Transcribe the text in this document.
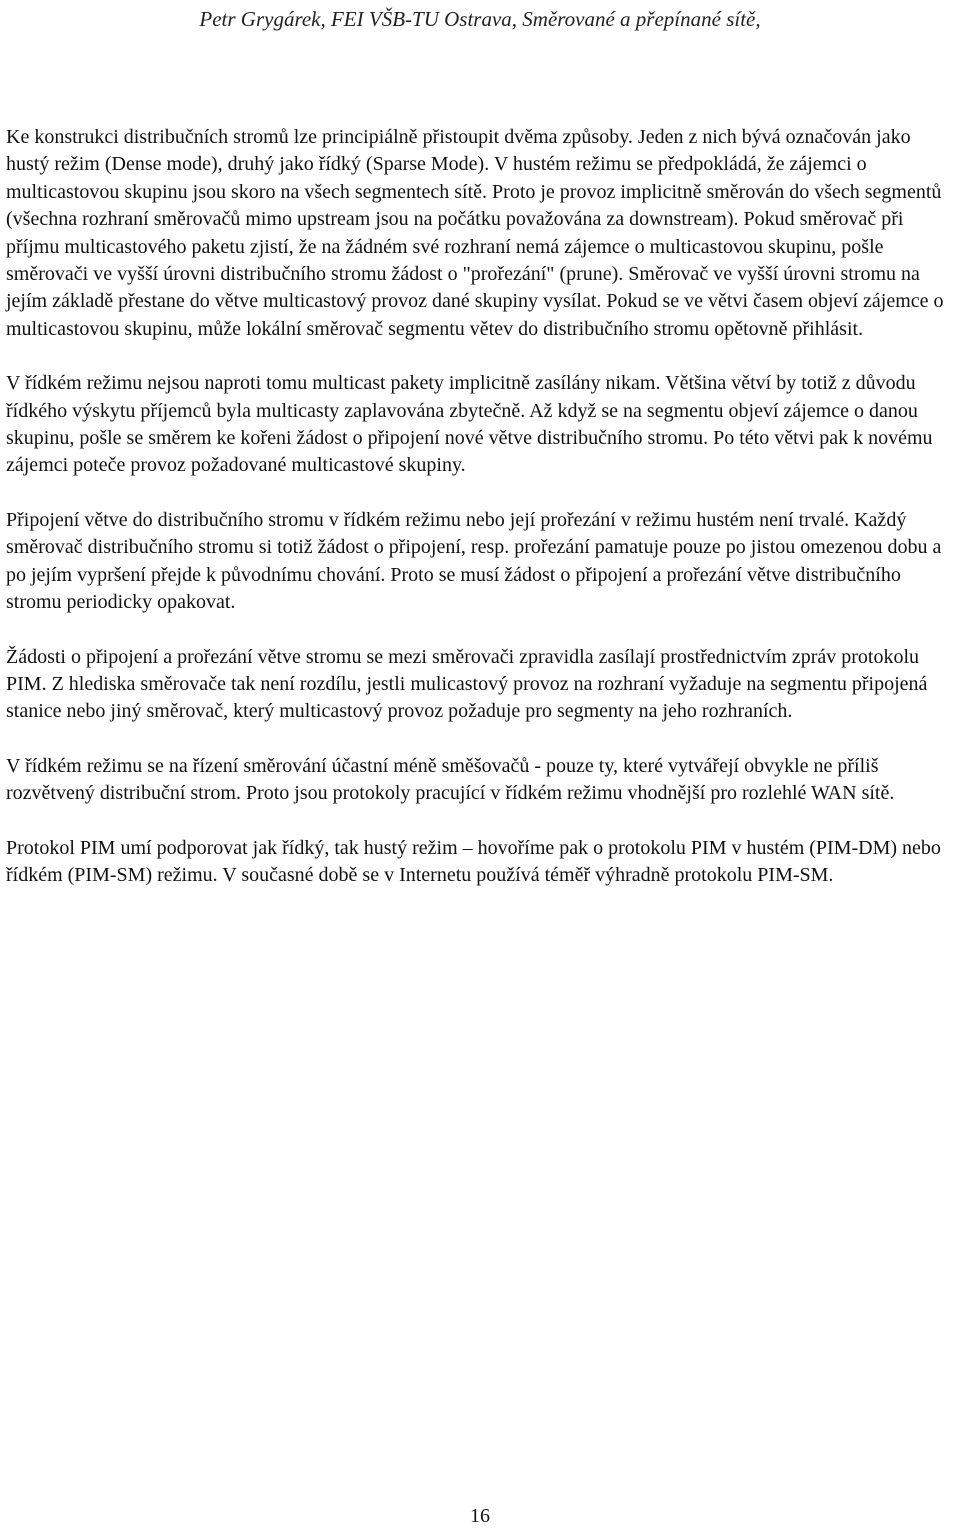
Petr Grygárek, FEI VŠB-TU Ostrava, Směrované a přepínané sítě,

Ke konstrukci distribučních stromů lze principiálně přistoupit dvěma způsoby. Jeden z nich bývá označován jako hustý režim (Dense mode), druhý jako řídký (Sparse Mode). V hustém režimu se předpokládá, že zájemci o multicastovou skupinu jsou skoro na všech segmentech sítě. Proto je provoz implicitně směrován do všech segmentů (všechna rozhraní směrovačů mimo upstream jsou na počátku považována za downstream). Pokud směrovač při příjmu multicastového paketu zjistí, že na žádném své rozhraní nemá zájemce o multicastovou skupinu, pošle směrovači ve vyšší úrovni distribučního stromu žádost o "prořezání" (prune). Směrovač ve vyšší úrovni stromu na jejím základě přestane do větve multicastový provoz dané skupiny vysílat. Pokud se ve větvi časem objeví zájemce o multicastovou skupinu, může lokální směrovač segmentu větev do distribučního stromu opětovně přihlásit.

V řídkém režimu nejsou naproti tomu multicast pakety implicitně zasílány nikam. Většina větví by totiž z důvodu řídkého výskytu příjemců byla multicasty zaplavována zbytečně. Až když se na segmentu objeví zájemce o danou skupinu, pošle se směrem ke kořeni žádost o připojení nové větve distribučního stromu. Po této větvi pak k novému zájemci poteče provoz požadované multicastové skupiny.

Připojení větve do distribučního stromu v řídkém režimu nebo její prořezání v režimu hustém není trvalé. Každý směrovač distribučního stromu si totiž žádost o připojení, resp. prořezání pamatuje pouze po jistou omezenou dobu a po jejím vypršení přejde k původnímu chování. Proto se musí žádost o připojení a prořezání větve distribučního stromu periodicky opakovat.

Žádosti o připojení a prořezání větve stromu se mezi směrovači zpravidla zasílají prostřednictvím zpráv protokolu PIM. Z hlediska směrovače tak není rozdílu, jestli mulicastový provoz na rozhraní vyžaduje na segmentu připojená stanice nebo jiný směrovač, který multicastový provoz požaduje pro segmenty na jeho rozhraních.

V řídkém režimu se na řízení směrování účastní méně směšovačů - pouze ty, které vytvářejí obvykle ne příliš rozvětvený distribuční strom. Proto jsou protokoly pracující v řídkém režimu vhodnější pro rozlehlé WAN sítě.

Protokol PIM umí podporovat jak řídký, tak hustý režim – hovoříme pak o protokolu PIM v hustém (PIM-DM) nebo řídkém (PIM-SM) režimu. V současné době se v Internetu používá téměř výhradně protokolu PIM-SM.

16
